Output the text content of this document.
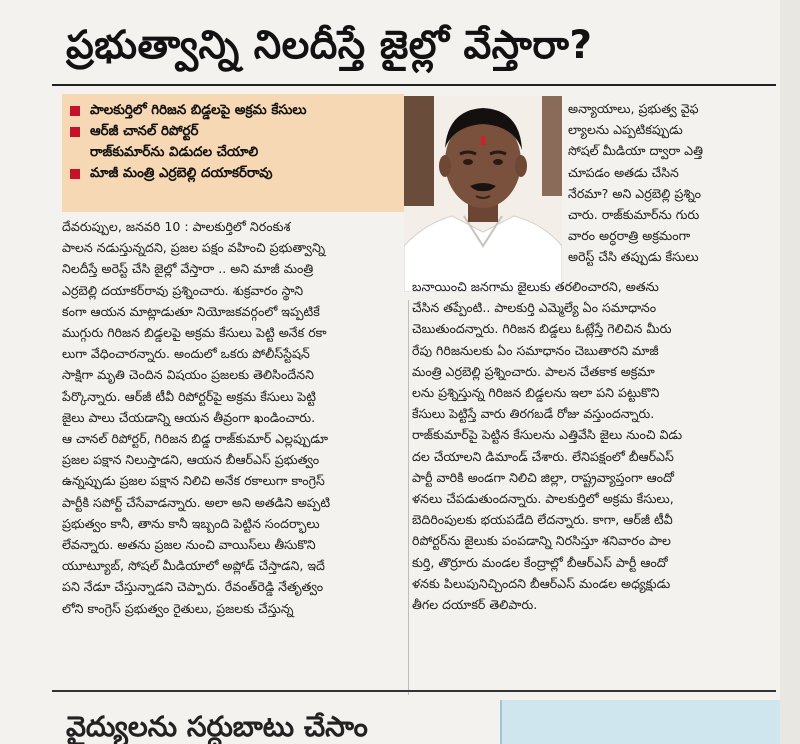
ప్రభుత్వాన్ని నిలదీస్తే జైల్లో వేస్తారా?
పాలకుర్తిలో గిరిజన బిడ్డలపై అక్రమ కేసులు
ఆర్‌జీ చానల్ రిపోర్టర్
రాజ్‌కుమార్‌ను విడుదల చేయాలి
మాజీ మంత్రి ఎర్రబెల్లి దయాకర్‌రావు
అన్యాయాలు, ప్రభుత్వ వైఫ
ల్యాలను ఎప్పటికప్పుడు
సోషల్ మీడియా ద్వారా ఎత్తి
చూపడం అతడు చేసిన
నేరమా? అని ఎర్రబెల్లి ప్రశ్నిం
చారు. రాజ్‌కుమార్‌ను గురు
వారం అర్ధరాత్రి అక్రమంగా
అరెస్ట్ చేసి తప్పుడు కేసులు
దేవరుప్పుల, జనవరి 10 : పాలకుర్తిలో నిరంకుశ
పాలన నడుస్తున్నదని, ప్రజల పక్షం వహించి ప్రభుత్వాన్ని
నిలదీస్తే అరెస్ట్ చేసి జైల్లో వేస్తారా .. అని మాజీ మంత్రి
ఎర్రబెల్లి దయాకర్‌రావు ప్రశ్నించారు. శుక్రవారం స్థాని
కంగా ఆయన మాట్లాడుతూ నియోజకవర్గంలో ఇప్పటికే
ముగ్గురు గిరిజన బిడ్డలపై అక్రమ కేసులు పెట్టి అనేక రకా
లుగా వేధించారన్నారు. అందులో ఒకరు పోలీస్‌స్టేషన్
సాక్షిగా మృతి చెందిన విషయం ప్రజలకు తెలిసిందేనని
పేర్కొన్నారు. ఆర్‌జీ టీవీ రిపోర్టర్‌పై అక్రమ కేసులు పెట్టి
జైలు పాలు చేయడాన్ని ఆయన తీవ్రంగా ఖండించారు.
ఆ చానల్ రిపోర్టర్, గిరిజన బిడ్డ రాజ్‌కుమార్ ఎల్లప్పుడూ
ప్రజల పక్షాన నిలుస్తాడని, ఆయన బీఆర్‌ఎస్ ప్రభుత్వం
ఉన్నప్పుడు ప్రజల పక్షాన నిలిచి అనేక రకాలుగా కాంగ్రెస్
పార్టీకి సపోర్ట్ చేసేవాడన్నారు. అలా అని అతడిని అప్పటి
ప్రభుత్వం కానీ, తాను కానీ ఇబ్బంది పెట్టిన సందర్భాలు
లేవన్నారు. అతను ప్రజల నుంచి వాయిస్‌లు తీసుకొని
యూట్యూబ్, సోషల్ మీడియాలో అప్లోడ్ చేస్తాడని, ఇదే
పని నేడూ చేస్తున్నాడని చెప్పారు. రేవంత్‌రెడ్డి నేతృత్వం
లోని కాంగ్రెస్ ప్రభుత్వం రైతులు, ప్రజలకు చేస్తున్న
బనాయించి జనగామ జైలుకు తరలించారని, అతను
చేసిన తప్పేంటి.. పాలకుర్తి ఎమ్మెల్యే ఏం సమాధానం
చెబుతుందన్నారు. గిరిజన బిడ్డలు ఓట్లేస్తే గెలిచిన మీరు
రేపు గిరిజనులకు ఏం సమాధానం చెబుతారని మాజీ
మంత్రి ఎర్రబెల్లి ప్రశ్నించారు. పాలన చేతకాక అక్రమా
లను ప్రశ్నిస్తున్న గిరిజన బిడ్డలను ఇలా పని పట్టుకొని
కేసులు పెట్టిస్తే వారు తిరగబడే రోజు వస్తుందన్నారు.
రాజ్‌కుమార్‌పై పెట్టిన కేసులను ఎత్తివేసి జైలు నుంచి విడు
దల చేయాలని డిమాండ్ చేశారు. లేనిపక్షంలో బీఆర్‌ఎస్
పార్టీ వారికి అండగా నిలిచి జిల్లా, రాష్ట్రవ్యాప్తంగా ఆందో
ళనలు చేపడుతుందన్నారు. పాలకుర్తిలో అక్రమ కేసులు,
బెదిరింపులకు భయపడేది లేదన్నారు. కాగా, ఆర్‌జీ టీవీ
రిపోర్టర్‌ను జైలుకు పంపడాన్ని నిరసిస్తూ శనివారం పాల
కుర్తి, తొర్రూరు మండల కేంద్రాల్లో బీఆర్‌ఎస్ పార్టీ ఆందో
ళనకు పిలుపునిచ్చిందని బీఆర్‌ఎస్ మండల అధ్యక్షుడు
తీగల దయాకర్ తెలిపారు.
వైద్యులను సర్దుబాటు చేసాం
